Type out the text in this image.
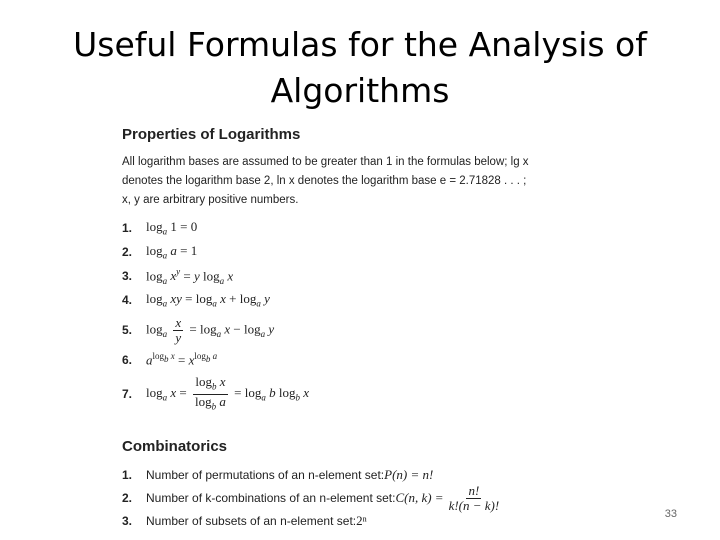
Useful Formulas for the Analysis of Algorithms
Properties of Logarithms
All logarithm bases are assumed to be greater than 1 in the formulas below; lg x
denotes the logarithm base 2, ln x denotes the logarithm base e = 2.71828 . . . ;
x, y are arbitrary positive numbers.
1.	$\log_a 1 = 0$
2.	$\log_a a = 1$
3.	$\log_a x^y = y$ $\log_a x$
4.	$\log_a$ xy = $\log_a x + \log_a y$
5.	$\log_a \frac{x}{y} = \log_a x - \log_a y$
6.	$a^{log_b x} = x^{log_b a}$
7.	$\log_a x = \frac{\log_b x}{\log_b a} = \log_a b$ $\log_b x$
Combinatorics
1.	Number of permutations of an n-element set: P(n) = n!
2.	Number of k-combinations of an n-element set: C(n, $k) = \frac{n!}{k!(n - k)!}$
3.	Number of subsets of an n-element set: 2ⁿ	33
